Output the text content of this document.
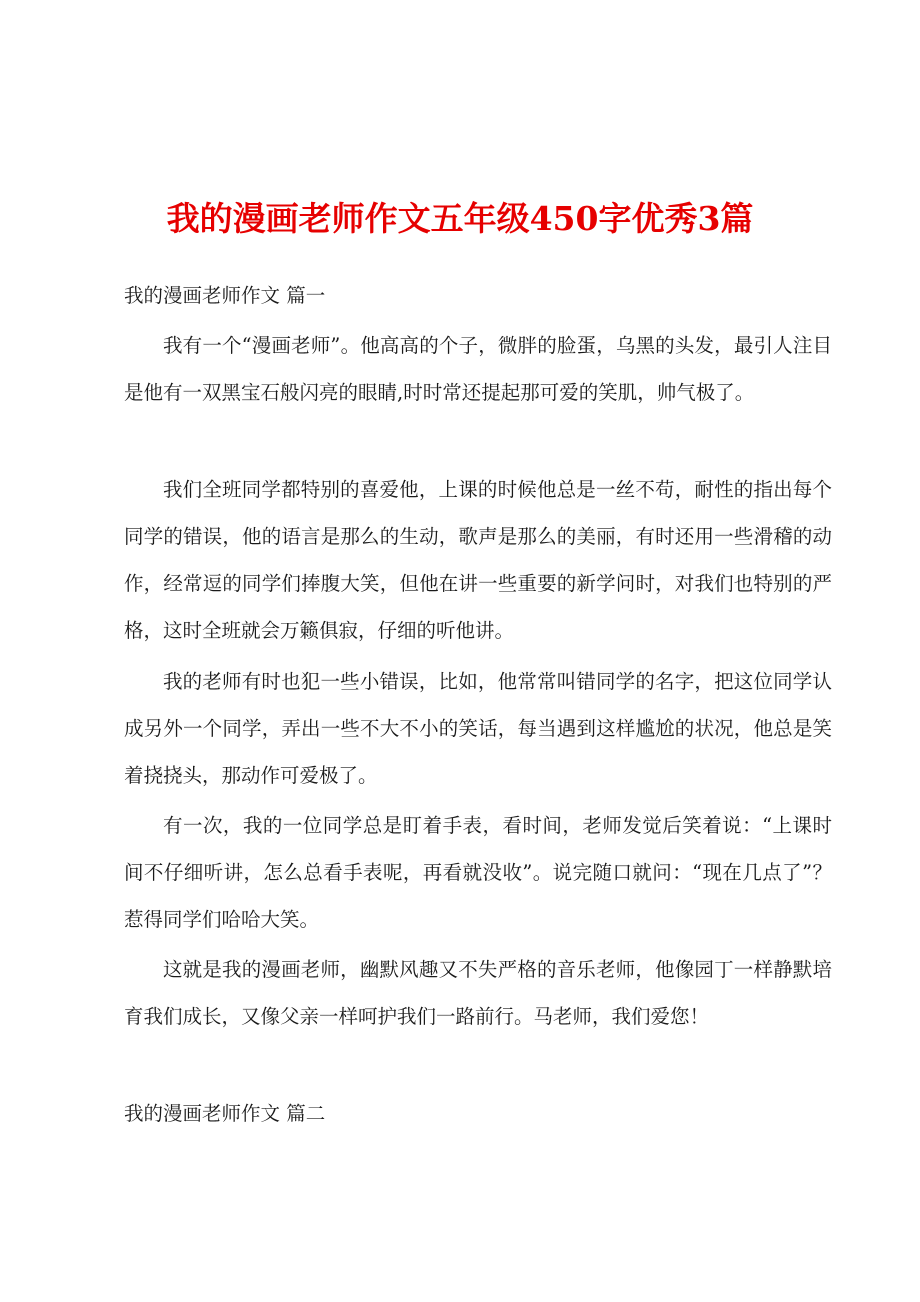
我的漫画老师作文五年级450字优秀3篇
我的漫画老师作文 篇一

我有一个“漫画老师”。他高高的个子，微胖的脸蛋，乌黑的头发，最引人注目是他有一双黑宝石般闪亮的眼睛,时时常还提起那可爱的笑肌，帅气极了。

我们全班同学都特别的喜爱他，上课的时候他总是一丝不苟，耐性的指出每个同学的错误，他的语言是那么的生动，歌声是那么的美丽，有时还用一些滑稽的动作，经常逗的同学们捧腹大笑，但他在讲一些重要的新学问时，对我们也特别的严格，这时全班就会万籁俱寂，仔细的听他讲。

我的老师有时也犯一些小错误，比如，他常常叫错同学的名字，把这位同学认成另外一个同学，弄出一些不大不小的笑话，每当遇到这样尴尬的状况，他总是笑着挠挠头，那动作可爱极了。

有一次，我的一位同学总是盯着手表，看时间，老师发觉后笑着说：“上课时间不仔细听讲，怎么总看手表呢，再看就没收”。说完随口就问：“现在几点了”？惹得同学们哈哈大笑。

这就是我的漫画老师，幽默风趣又不失严格的音乐老师，他像园丁一样静默培育我们成长，又像父亲一样呵护我们一路前行。马老师，我们爱您！

我的漫画老师作文 篇二
